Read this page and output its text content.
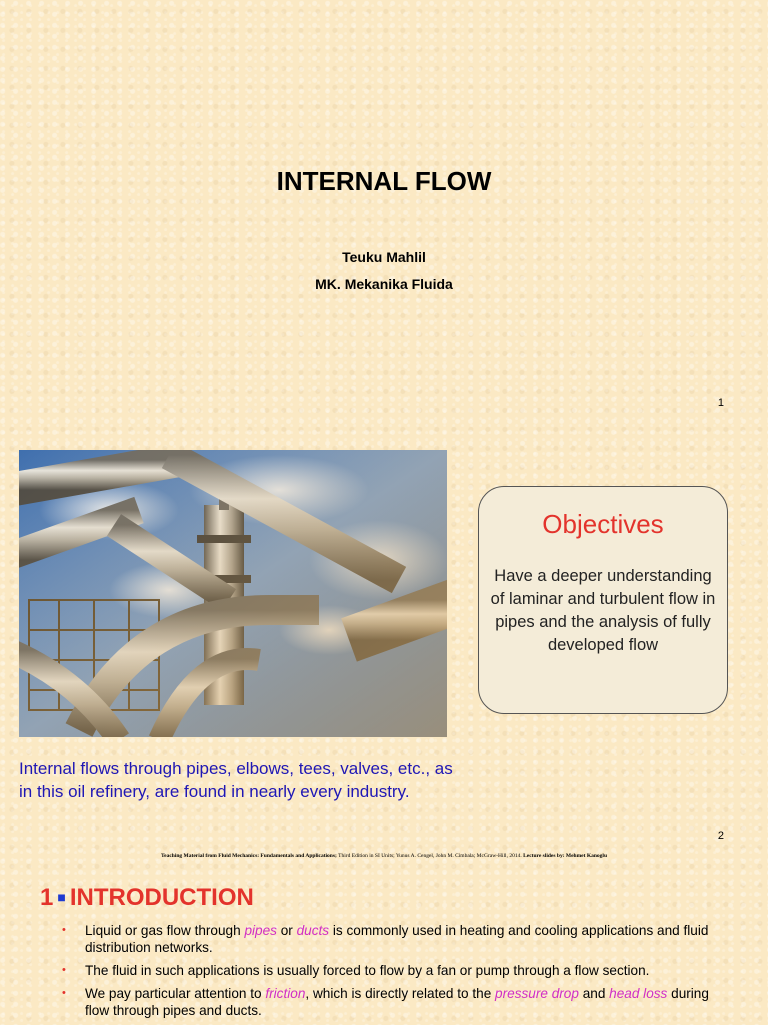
INTERNAL FLOW
Teuku Mahlil
MK. Mekanika Fluida
1
Objectives
Have a deeper understanding of laminar and turbulent flow in pipes and the analysis of fully developed flow
Internal flows through pipes, elbows, tees, valves, etc., as in this oil refinery, are found in nearly every industry.
2
Teaching Material from Fluid Mechanics: Fundamentals and Applications; Third Edition in SI Units; Yunus A. Cengel, John M. Cimbala; McGraw-Hill, 2014. Lecture slides by: Mehmet Kanoglu
1 ■ INTRODUCTION
• Liquid or gas flow through pipes or ducts is commonly used in heating and cooling applications and fluid distribution networks.
• The fluid in such applications is usually forced to flow by a fan or pump through a flow section.
• We pay particular attention to friction, which is directly related to the pressure drop and head loss during flow through pipes and ducts.
